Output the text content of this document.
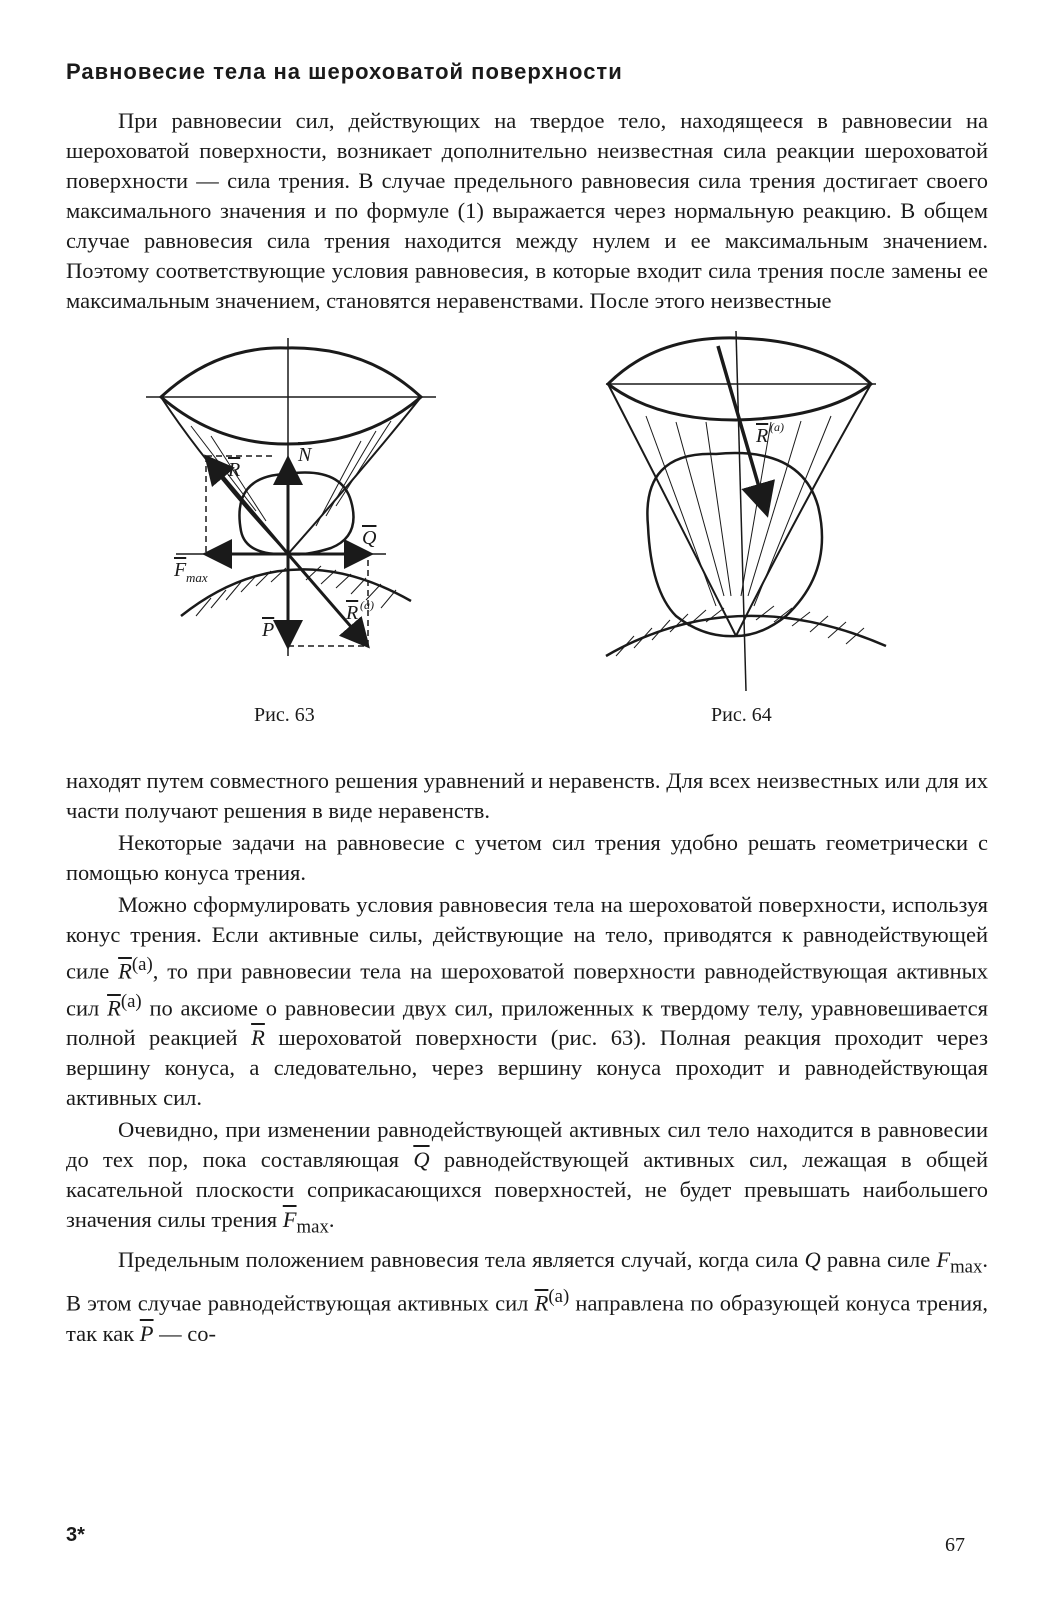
Равновесие тела на шероховатой поверхности

При равновесии сил, действующих на твердое тело, находящееся в равновесии на шероховатой поверхности, возникает дополнительно неизвестная сила реакции шероховатой поверхности — сила трения. В случае предельного равновесия сила трения достигает своего максимального значения и по формуле (1) выражается через нормальную реакцию. В общем случае равновесия сила трения находится между нулем и ее максимальным значением. Поэтому соответствующие условия равновесия, в которые входит сила трения после замены ее максимальным значением, становятся неравенствами. После этого неизвестные

R
N
Q
F max
P
R (a)
Рис. 63
R (a)
Рис. 64

находят путем совместного решения уравнений и неравенств. Для всех неизвестных или для их части получают решения в виде неравенств.

Некоторые задачи на равновесие с учетом сил трения удобно решать геометрически с помощью конуса трения.

Можно сформулировать условия равновесия тела на шероховатой поверхности, используя конус трения. Если активные силы, действующие на тело, приводятся к равнодействующей силе $\overline{R}^{(a)}$, то при равновесии тела на шероховатой поверхности равнодействующая активных сил $\overline{R}^{(a)}$ по аксиоме о равновесии двух сил, приложенных к твердому телу, уравновешивается полной реакцией $\overline{R}$ шероховатой поверхности (рис. 63). Полная реакция проходит через вершину конуса, а следовательно, через вершину конуса проходит и равнодействующая активных сил.

Очевидно, при изменении равнодействующей активных сил тело находится в равновесии до тех пор, пока составляющая $\overline{Q}$ равнодействующей активных сил, лежащая в общей касательной плоскости соприкасающихся поверхностей, не будет превышать наибольшего значения силы трения $\overline{F}_{max}$.

Предельным положением равновесия тела является случай, когда сила Q равна силе $F_{max}$. В этом случае равнодействующая активных сил $\overline{R}^{(a)}$ направлена по образующей конуса трения, так как $\overline{P}$ — со-

3*	67
